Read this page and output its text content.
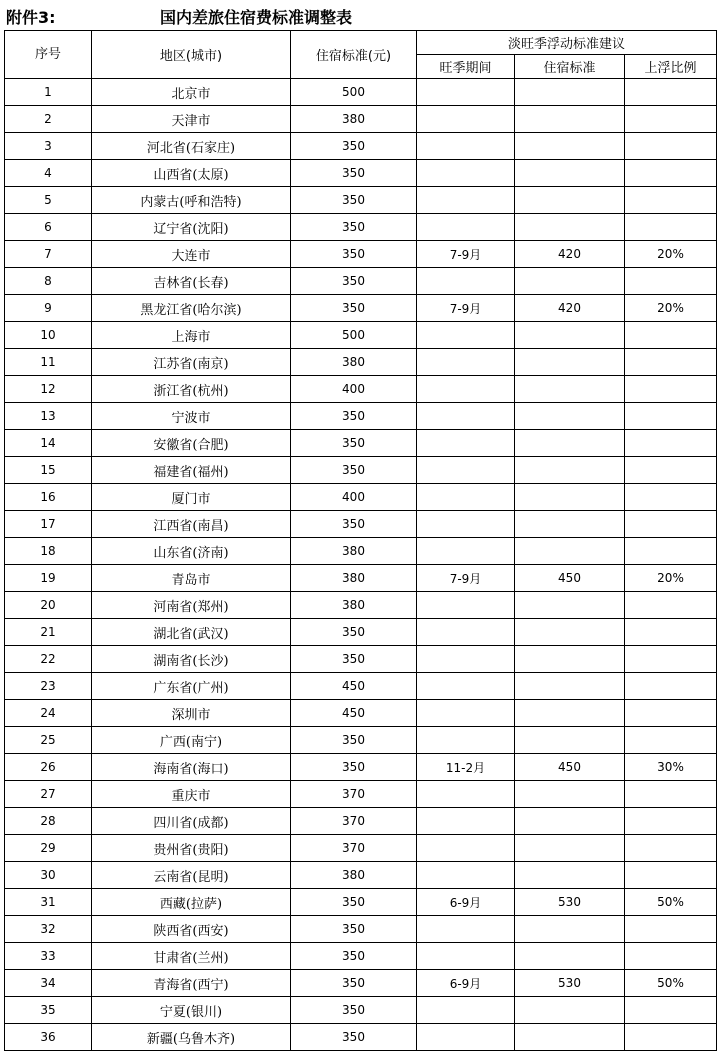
附件3:	国内差旅住宿费标准调整表
序号	地区(城市)	住宿标准(元)	淡旺季浮动标准建议		
			旺季期间	住宿标准	上浮比例
1	北京市	500			
2	天津市	380			
3	河北省(石家庄)	350			
4	山西省(太原)	350			
5	内蒙古(呼和浩特)	350			
6	辽宁省(沈阳)	350			
7	大连市	350	7-9月	420	20%
8	吉林省(长春)	350			
9	黑龙江省(哈尔滨)	350	7-9月	420	20%
10	上海市	500			
11	江苏省(南京)	380			
12	浙江省(杭州)	400			
13	宁波市	350			
14	安徽省(合肥)	350			
15	福建省(福州)	350			
16	厦门市	400			
17	江西省(南昌)	350			
18	山东省(济南)	380			
19	青岛市	380	7-9月	450	20%
20	河南省(郑州)	380			
21	湖北省(武汉)	350			
22	湖南省(长沙)	350			
23	广东省(广州)	450			
24	深圳市	450			
25	广西(南宁)	350			
26	海南省(海口)	350	11-2月	450	30%
27	重庆市	370			
28	四川省(成都)	370			
29	贵州省(贵阳)	370			
30	云南省(昆明)	380			
31	西藏(拉萨)	350	6-9月	530	50%
32	陕西省(西安)	350			
33	甘肃省(兰州)	350			
34	青海省(西宁)	350	6-9月	530	50%
35	宁夏(银川)	350			
36	新疆(乌鲁木齐)	350			
